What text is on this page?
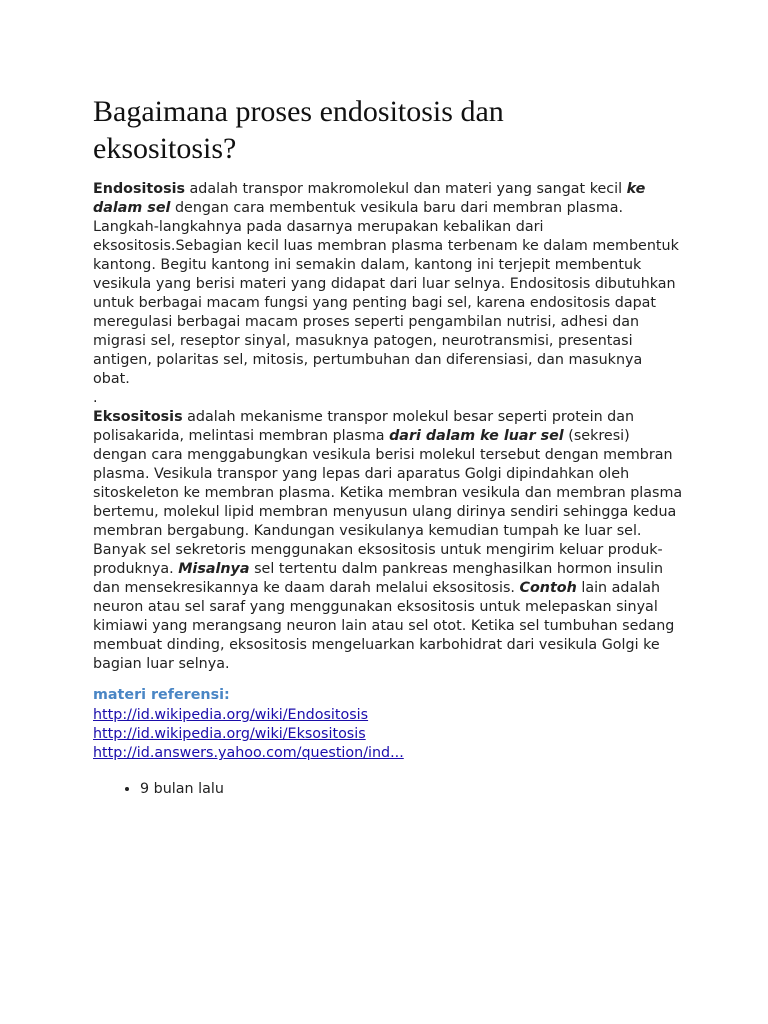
Bagaimana proses endositosis dan eksositosis?

Endositosis adalah transpor makromolekul dan materi yang sangat kecil ke dalam sel dengan cara membentuk vesikula baru dari membran plasma. Langkah-langkahnya pada dasarnya merupakan kebalikan dari eksositosis.Sebagian kecil luas membran plasma terbenam ke dalam membentuk kantong. Begitu kantong ini semakin dalam, kantong ini terjepit membentuk vesikula yang berisi materi yang didapat dari luar selnya. Endositosis dibutuhkan untuk berbagai macam fungsi yang penting bagi sel, karena endositosis dapat meregulasi berbagai macam proses seperti pengambilan nutrisi, adhesi dan migrasi sel, reseptor sinyal, masuknya patogen, neurotransmisi, presentasi antigen, polaritas sel, mitosis, pertumbuhan dan diferensiasi, dan masuknya obat.

.

Eksositosis adalah mekanisme transpor molekul besar seperti protein dan polisakarida, melintasi membran plasma dari dalam ke luar sel (sekresi) dengan cara menggabungkan vesikula berisi molekul tersebut dengan membran plasma. Vesikula transpor yang lepas dari aparatus Golgi dipindahkan oleh sitoskeleton ke membran plasma. Ketika membran vesikula dan membran plasma bertemu, molekul lipid membran menyusun ulang dirinya sendiri sehingga kedua membran bergabung. Kandungan vesikulanya kemudian tumpah ke luar sel. Banyak sel sekretoris menggunakan eksositosis untuk mengirim keluar produk-produknya. Misalnya sel tertentu dalm pankreas menghasilkan hormon insulin dan mensekresikannya ke daam darah melalui eksositosis. Contoh lain adalah neuron atau sel saraf yang menggunakan eksositosis untuk melepaskan sinyal kimiawi yang merangsang neuron lain atau sel otot. Ketika sel tumbuhan sedang membuat dinding, eksositosis mengeluarkan karbohidrat dari vesikula Golgi ke bagian luar selnya.

materi referensi:

http://id.wikipedia.org/wiki/Endositosis
http://id.wikipedia.org/wiki/Eksositosis
http://id.answers.yahoo.com/question/ind...
• 9 bulan lalu
